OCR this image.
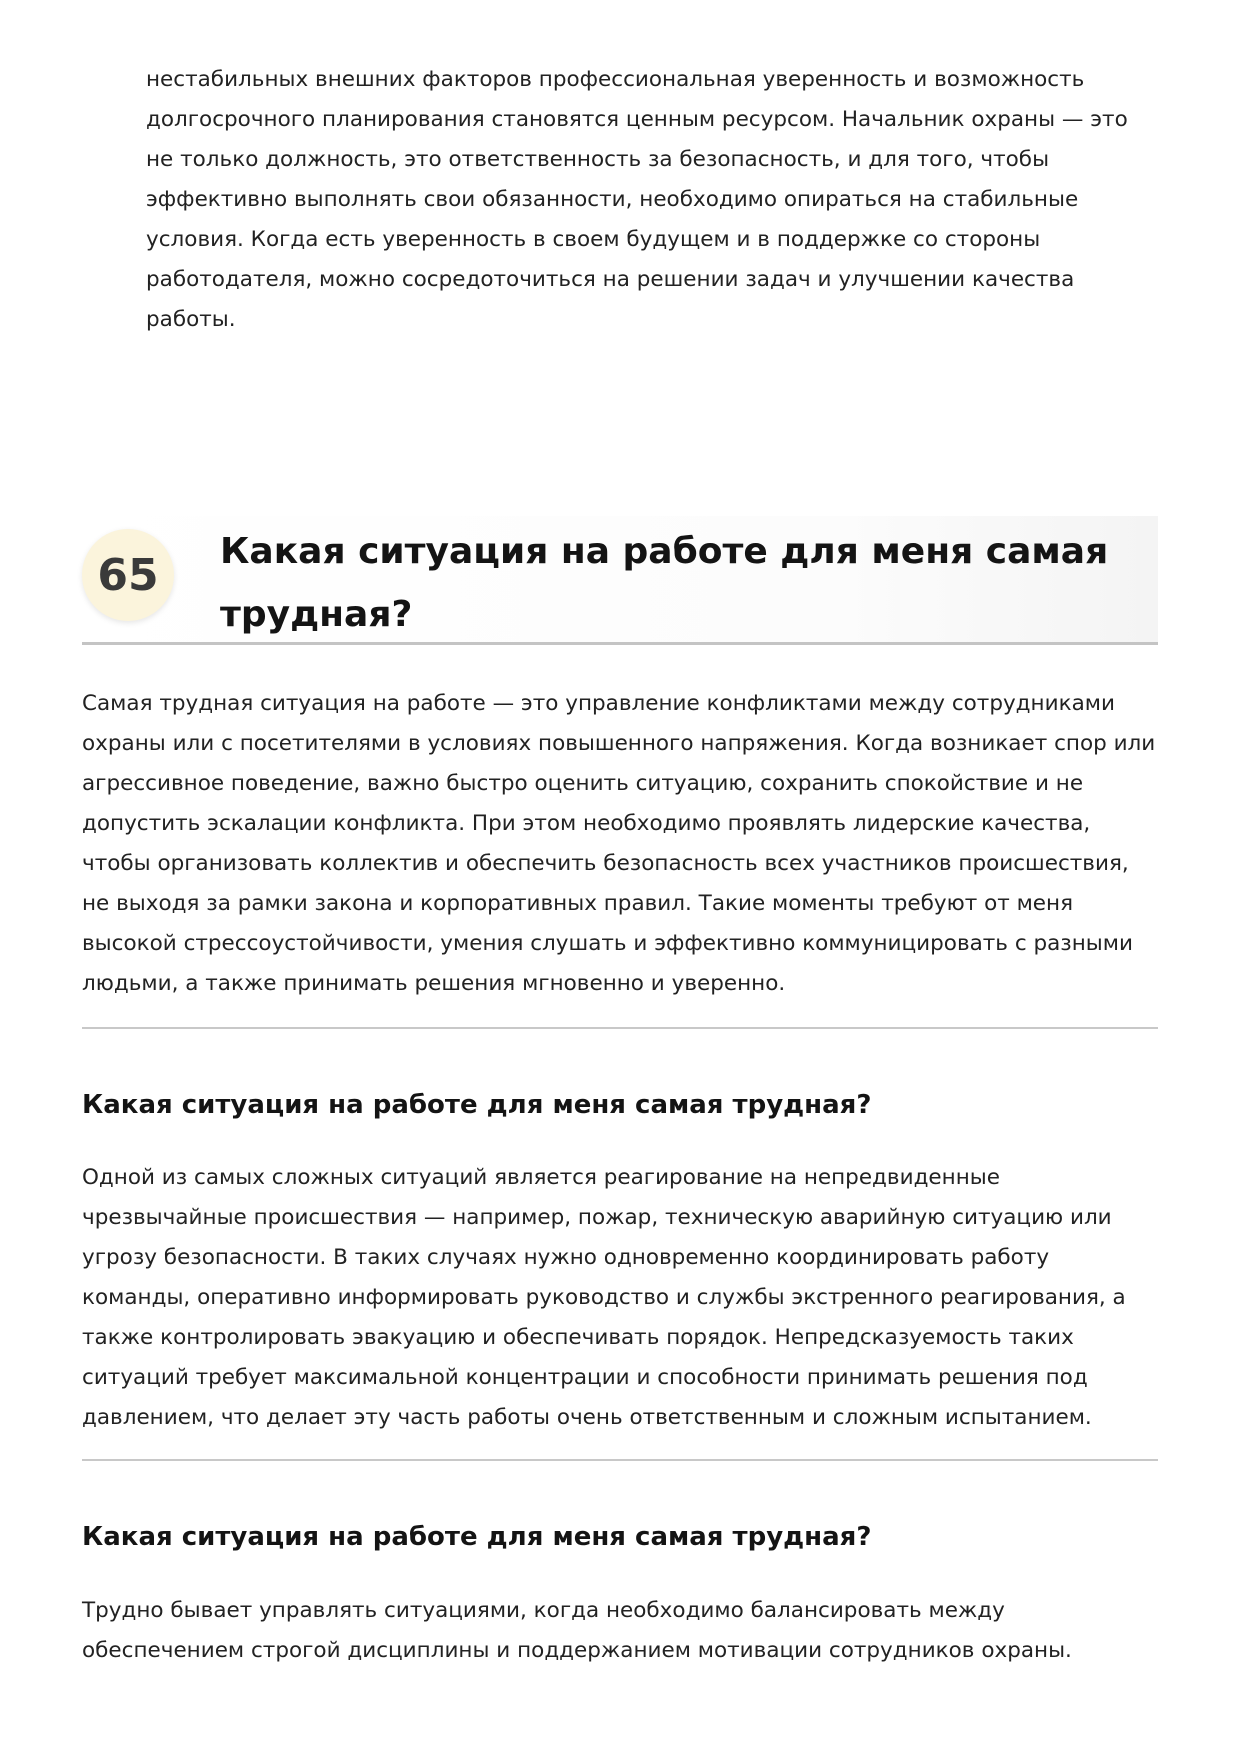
нестабильных внешних факторов профессиональная уверенность и возможность долгосрочного планирования становятся ценным ресурсом. Начальник охраны — это не только должность, это ответственность за безопасность, и для того, чтобы эффективно выполнять свои обязанности, необходимо опираться на стабильные условия. Когда есть уверенность в своем будущем и в поддержке со стороны работодателя, можно сосредоточиться на решении задач и улучшении качества работы.

65	Какая ситуация на работе для меня самая трудная?

Самая трудная ситуация на работе — это управление конфликтами между сотрудниками охраны или с посетителями в условиях повышенного напряжения. Когда возникает спор или агрессивное поведение, важно быстро оценить ситуацию, сохранить спокойствие и не допустить эскалации конфликта. При этом необходимо проявлять лидерские качества, чтобы организовать коллектив и обеспечить безопасность всех участников происшествия, не выходя за рамки закона и корпоративных правил. Такие моменты требуют от меня высокой стрессоустойчивости, умения слушать и эффективно коммуницировать с разными людьми, а также принимать решения мгновенно и уверенно.

Какая ситуация на работе для меня самая трудная?

Одной из самых сложных ситуаций является реагирование на непредвиденные чрезвычайные происшествия — например, пожар, техническую аварийную ситуацию или угрозу безопасности. В таких случаях нужно одновременно координировать работу команды, оперативно информировать руководство и службы экстренного реагирования, а также контролировать эвакуацию и обеспечивать порядок. Непредсказуемость таких ситуаций требует максимальной концентрации и способности принимать решения под давлением, что делает эту часть работы очень ответственным и сложным испытанием.

Какая ситуация на работе для меня самая трудная?

Трудно бывает управлять ситуациями, когда необходимо балансировать между обеспечением строгой дисциплины и поддержанием мотивации сотрудников охраны.
